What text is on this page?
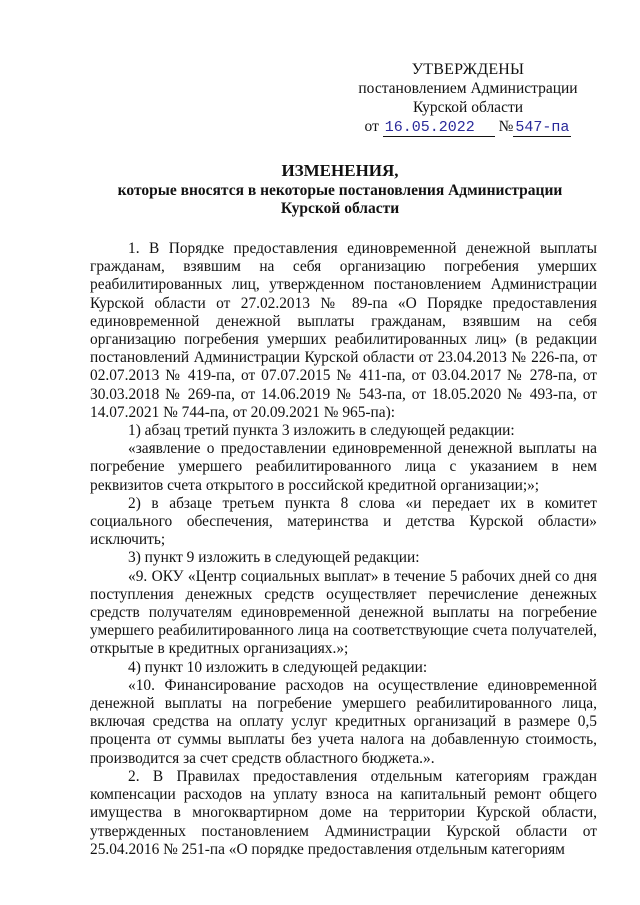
УТВЕРЖДЕНЫ
постановлением Администрации
Курской области
от 16.05.2022 № 547-па
ИЗМЕНЕНИЯ,
которые вносятся в некоторые постановления Администрации
Курской области

1. В Порядке предоставления единовременной денежной выплаты гражданам, взявшим на себя организацию погребения умерших реабилитированных лиц, утвержденном постановлением Администрации Курской области от 27.02.2013 № 89-па «О Порядке предоставления единовременной денежной выплаты гражданам, взявшим на себя организацию погребения умерших реабилитированных лиц» (в редакции постановлений Администрации Курской области от 23.04.2013 № 226-па, от 02.07.2013 № 419-па, от 07.07.2015 № 411-па, от 03.04.2017 № 278-па, от 30.03.2018 № 269-па, от 14.06.2019 № 543-па, от 18.05.2020 № 493-па, от 14.07.2021 № 744-па, от 20.09.2021 № 965-па):

1) абзац третий пункта 3 изложить в следующей редакции:

«заявление о предоставлении единовременной денежной выплаты на погребение умершего реабилитированного лица с указанием в нем реквизитов счета открытого в российской кредитной организации;»;

2) в абзаце третьем пункта 8 слова «и передает их в комитет социального обеспечения, материнства и детства Курской области» исключить;

3) пункт 9 изложить в следующей редакции:

«9. ОКУ «Центр социальных выплат» в течение 5 рабочих дней со дня поступления денежных средств осуществляет перечисление денежных средств получателям единовременной денежной выплаты на погребение умершего реабилитированного лица на соответствующие счета получателей, открытые в кредитных организациях.»;

4) пункт 10 изложить в следующей редакции:

«10. Финансирование расходов на осуществление единовременной денежной выплаты на погребение умершего реабилитированного лица, включая средства на оплату услуг кредитных организаций в размере 0,5 процента от суммы выплаты без учета налога на добавленную стоимость, производится за счет средств областного бюджета.».

2. В Правилах предоставления отдельным категориям граждан компенсации расходов на уплату взноса на капитальный ремонт общего имущества в многоквартирном доме на территории Курской области, утвержденных постановлением Администрации Курской области от 25.04.2016 № 251-па «О порядке предоставления отдельным категориям
